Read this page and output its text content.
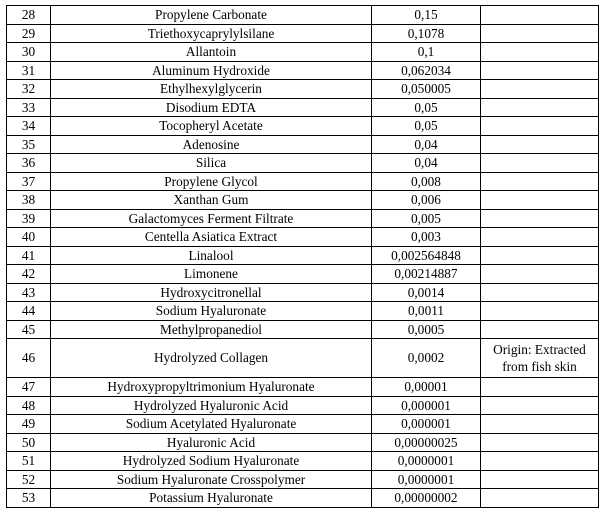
28	Propylene Carbonate	0,15	
29	Triethoxycaprylylsilane	0,1078	
30	Allantoin	0,1	
31	Aluminum Hydroxide	0,062034	
32	Ethylhexylglycerin	0,050005	
33	Disodium EDTA	0,05	
34	Tocopheryl Acetate	0,05	
35	Adenosine	0,04	
36	Silica	0,04	
37	Propylene Glycol	0,008	
38	Xanthan Gum	0,006	
39	Galactomyces Ferment Filtrate	0,005	
40	Centella Asiatica Extract	0,003	
41	Linalool	0,002564848	
42	Limonene	0,00214887	
43	Hydroxycitronellal	0,0014	
44	Sodium Hyaluronate	0,0011	
45	Methylpropanediol	0,0005	
46	Hydrolyzed Collagen	0,0002	Origin: Extracted from fish skin
47	Hydroxypropyltrimonium Hyaluronate	0,00001	
48	Hydrolyzed Hyaluronic Acid	0,000001	
49	Sodium Acetylated Hyaluronate	0,000001	
50	Hyaluronic Acid	0,00000025	
51	Hydrolyzed Sodium Hyaluronate	0,0000001	
52	Sodium Hyaluronate Crosspolymer	0,0000001	
53	Potassium Hyaluronate	0,00000002	
